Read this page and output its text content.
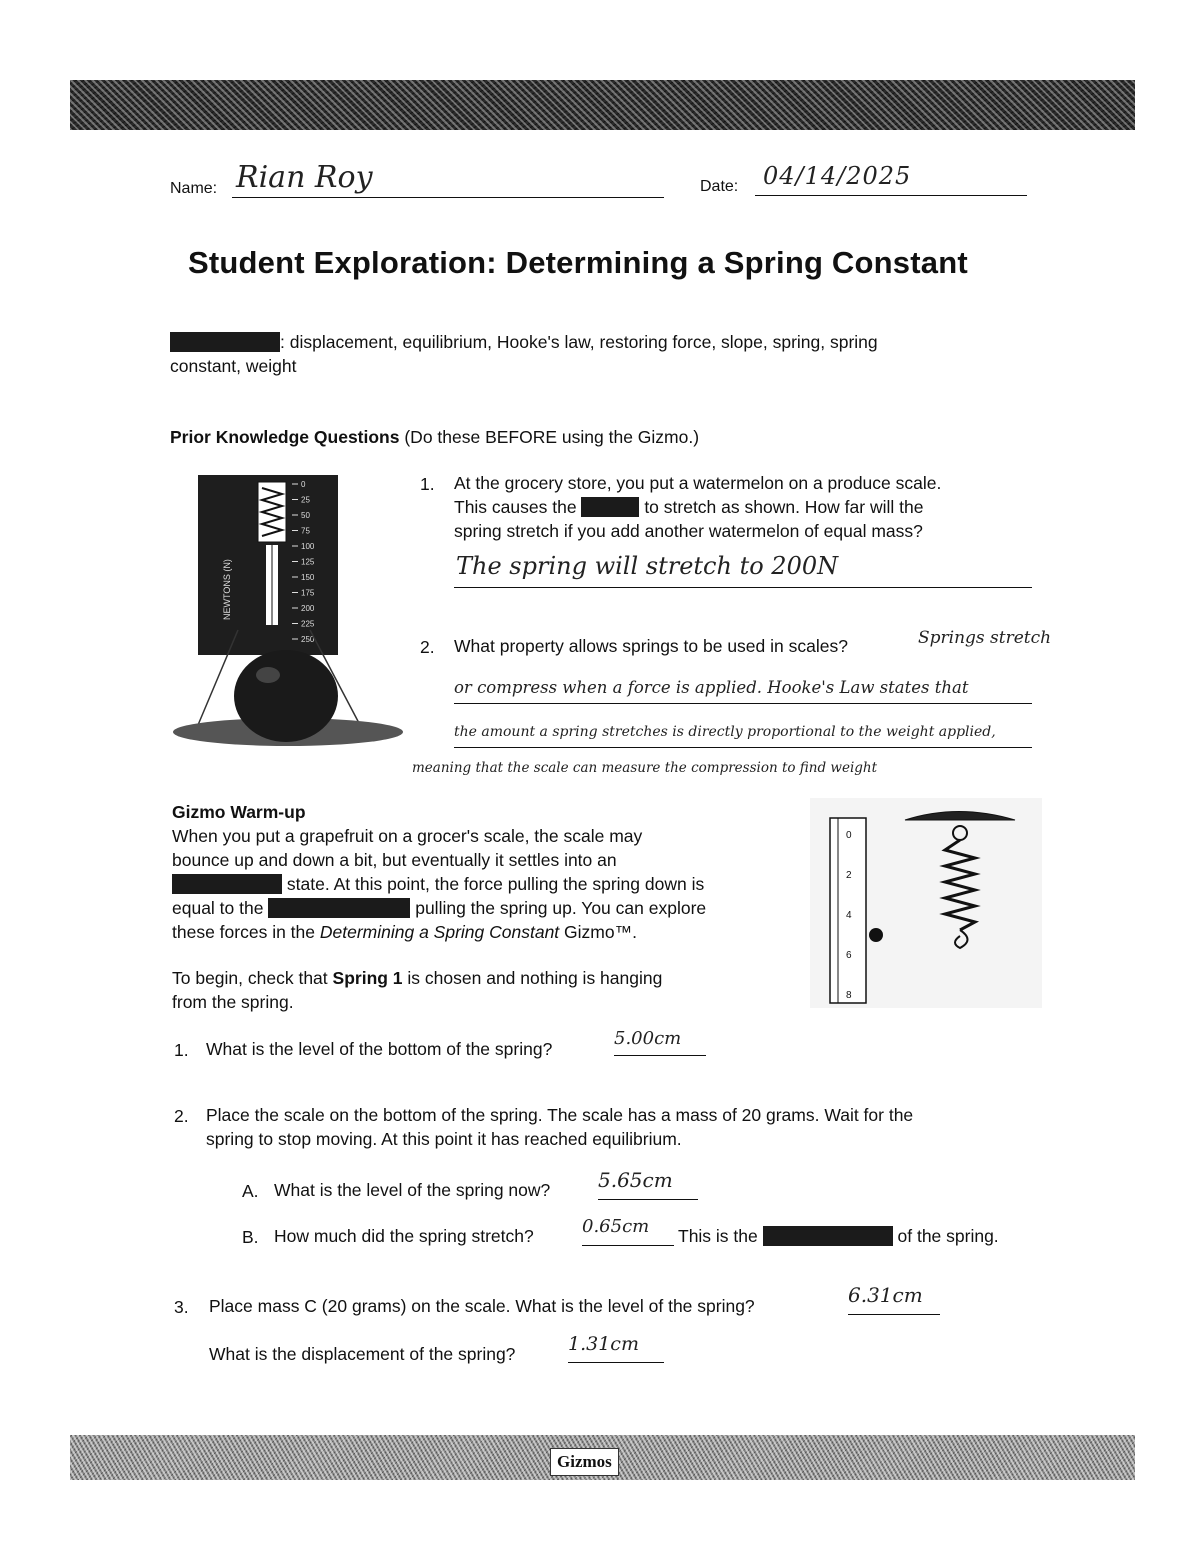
Name: Rian Roy	Date: 04/14/2025
Student Exploration: Determining a Spring Constant
: displacement, equilibrium, Hooke's law, restoring force, slope, spring, spring
constant, weight
Prior Knowledge Questions (Do these BEFORE using the Gizmo.)
NEWTONS (N)
0
25
50
75
100
125
150
175
200
225
250
1. At the grocery store, you put a watermelon on a produce scale.
This causes the	to stretch as shown. How far will the
spring stretch if you add another watermelon of equal mass?
The spring will stretch to 200N
2. What property allows springs to be used in scales?	Springs stretch
or compress when a force is applied. Hooke's Law states that
the amount a spring stretches is directly proportional to the weight applied,
meaning that the scale can measure the compression to find weight
Gizmo Warm-up
When you put a grapefruit on a grocer's scale, the scale may
bounce up and down a bit, but eventually it settles into an
state. At this point, the force pulling the spring down is
equal to the	pulling the spring up. You can explore
these forces in the Determining a Spring Constant Gizmo™.
To begin, check that Spring 1 is chosen and nothing is hanging
from the spring.
0
2
4
6
8
1. What is the level of the bottom of the spring?	5.00cm
2. Place the scale on the bottom of the spring. The scale has a mass of 20 grams. Wait for the
spring to stop moving. At this point it has reached equilibrium.
A. What is the level of the spring now? 5.65cm
B. How much did the spring stretch?	0.65cm	This is the	of the spring.
3. Place mass C (20 grams) on the scale. What is the level of the spring?	6.31cm
What is the displacement of the spring?	1.31cm
Gizmos
